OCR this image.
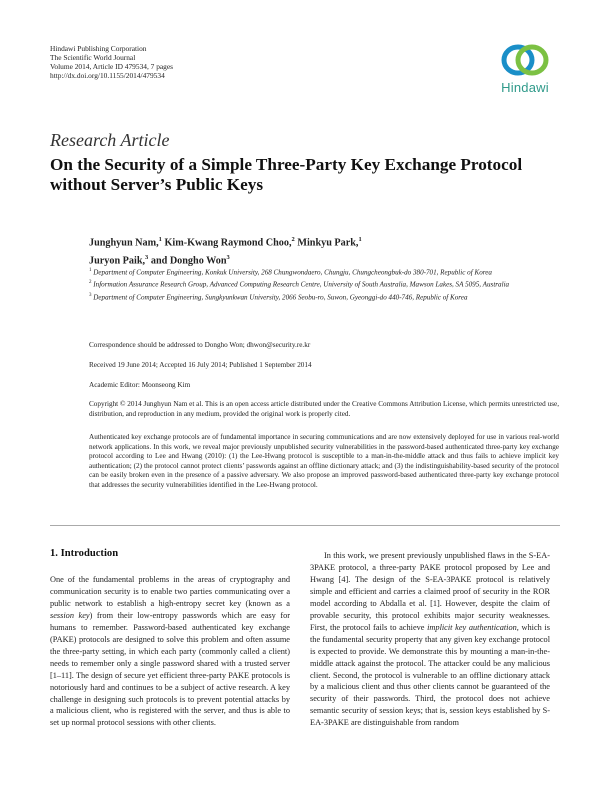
Hindawi Publishing Corporation
The Scientific World Journal
Volume 2014, Article ID 479534, 7 pages
http://dx.doi.org/10.1155/2014/479534
Hindawi
Research Article
On the Security of a Simple Three-Party Key Exchange Protocol without Server’s Public Keys
Junghyun Nam,$^1$ Kim-Kwang Raymond Choo,$^2$ Minkyu Park,$^1$
Juryon Paik,$^3$ and Dongho Won$^3$

$^1$ Department of Computer Engineering, Konkuk University, 268 Chungwondaero, Chungju, Chungcheongbuk-do 380-701, Republic of Korea

$^2$ Information Assurance Research Group, Advanced Computing Research Centre, University of South Australia, Mawson Lakes, SA 5095, Australia

$^3$ Department of Computer Engineering, Sungkyunkwan University, 2066 Seobu-ro, Suwon, Gyeonggi-do 440-746, Republic of Korea

Correspondence should be addressed to Dongho Won; dhwon@security.re.kr
Received 19 June 2014; Accepted 16 July 2014; Published 1 September 2014
Academic Editor: Moonseong Kim
Copyright © 2014 Junghyun Nam et al. This is an open access article distributed under the Creative Commons Attribution License, which permits unrestricted use, distribution, and reproduction in any medium, provided the original work is properly cited.

Authenticated key exchange protocols are of fundamental importance in securing communications and are now extensively deployed for use in various real-world network applications. In this work, we reveal major previously unpublished security vulnerabilities in the password-based authenticated three-party key exchange protocol according to Lee and Hwang (2010): (1) the Lee-Hwang protocol is susceptible to a man-in-the-middle attack and thus fails to achieve implicit key authentication; (2) the protocol cannot protect clients’ passwords against an offline dictionary attack; and (3) the indistinguishability-based security of the protocol can be easily broken even in the presence of a passive adversary. We also propose an improved password-based authenticated three-party key exchange protocol that addresses the security vulnerabilities identified in the Lee-Hwang protocol.

1. Introduction

One of the fundamental problems in the areas of cryptography and communication security is to enable two parties communicating over a public network to establish a high-entropy secret key (known as a session key) from their low-entropy passwords which are easy for humans to remember. Password-based authenticated key exchange (PAKE) protocols are designed to solve this problem and often assume the three-party setting, in which each party (commonly called a client) needs to remember only a single password shared with a trusted server [1–11]. The design of secure yet efficient three-party PAKE protocols is notoriously hard and continues to be a subject of active research. A key challenge in designing such protocols is to prevent potential attacks by a malicious client, who is registered with the server, and thus is able to set up normal protocol sessions with other clients.

In this work, we present previously unpublished flaws in the S-EA-3PAKE protocol, a three-party PAKE protocol proposed by Lee and Hwang [4]. The design of the S-EA-3PAKE protocol is relatively simple and efficient and carries a claimed proof of security in the ROR model according to Abdalla et al. [1]. However, despite the claim of provable security, this protocol exhibits major security weaknesses. First, the protocol fails to achieve implicit key authentication, which is the fundamental security property that any given key exchange protocol is expected to provide. We demonstrate this by mounting a man-in-the-middle attack against the protocol. The attacker could be any malicious client. Second, the protocol is vulnerable to an offline dictionary attack by a malicious client and thus other clients cannot be guaranteed of the security of their passwords. Third, the protocol does not achieve semantic security of session keys; that is, session keys established by S-EA-3PAKE are distinguishable from random
